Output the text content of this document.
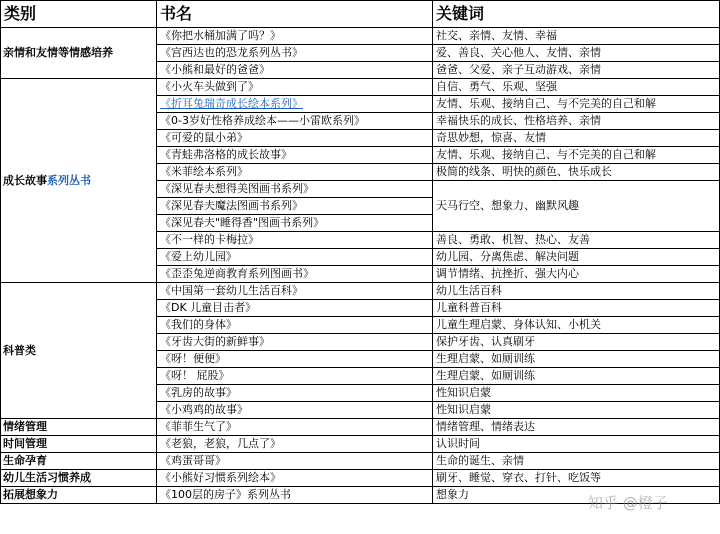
类别	书名	关键词
亲情和友情等情感培养	《你把水桶加满了吗？》	社交、亲情、友情、幸福
	《宫西达也的恐龙系列丛书》	爱、善良、关心他人、友情、亲情
	《小熊和最好的爸爸》	爸爸、父爱、亲子互动游戏、亲情
成长故事系列丛书	《小火车头做到了》	自信、勇气、乐观、坚强
	《折耳兔瑞奇成长绘本系列》	友情、乐观、接纳自己、与不完美的自己和解
	《0-3岁好性格养成绘本——小雷欧系列》	幸福快乐的成长、性格培养、亲情
	《可爱的鼠小弟》	奇思妙想，惊喜、友情
	《青蛙弗洛格的成长故事》	友情、乐观、接纳自己、与不完美的自己和解
	《米菲绘本系列》	极简的线条、明快的颜色、快乐成长
	《深见春夫想得美图画书系列》	天马行空、想象力、幽默风趣
	《深见春夫魔法图画书系列》	
	《深见春夫"睡得香"图画书系列》	
	《不一样的卡梅拉》	善良、勇敢、机智、热心、友善
	《爱上幼儿园》	幼儿园、分离焦虑、解决问题
	《歪歪兔逆商教育系列图画书》	调节情绪、抗挫折、强大内心
科普类	《中国第一套幼儿生活百科》	幼儿生活百科
	《DK 儿童目击者》	儿童科普百科
	《我们的身体》	儿童生理启蒙、身体认知、小机关
	《牙齿大街的新鲜事》	保护牙齿、认真刷牙
	《呀！便便》	生理启蒙、如厕训练
	《呀！ 屁股》	生理启蒙、如厕训练
	《乳房的故事》	性知识启蒙
	《小鸡鸡的故事》	性知识启蒙
情绪管理	《菲菲生气了》	情绪管理、情绪表达
时间管理	《老狼，老狼，几点了》	认识时间
生命孕育	《鸡蛋哥哥》	生命的诞生、亲情
幼儿生活习惯养成	《小熊好习惯系列绘本》	刷牙、睡觉、穿衣、打针、吃饭等
拓展想象力	《100层的房子》系列丛书	想象力	知乎 @橙子
